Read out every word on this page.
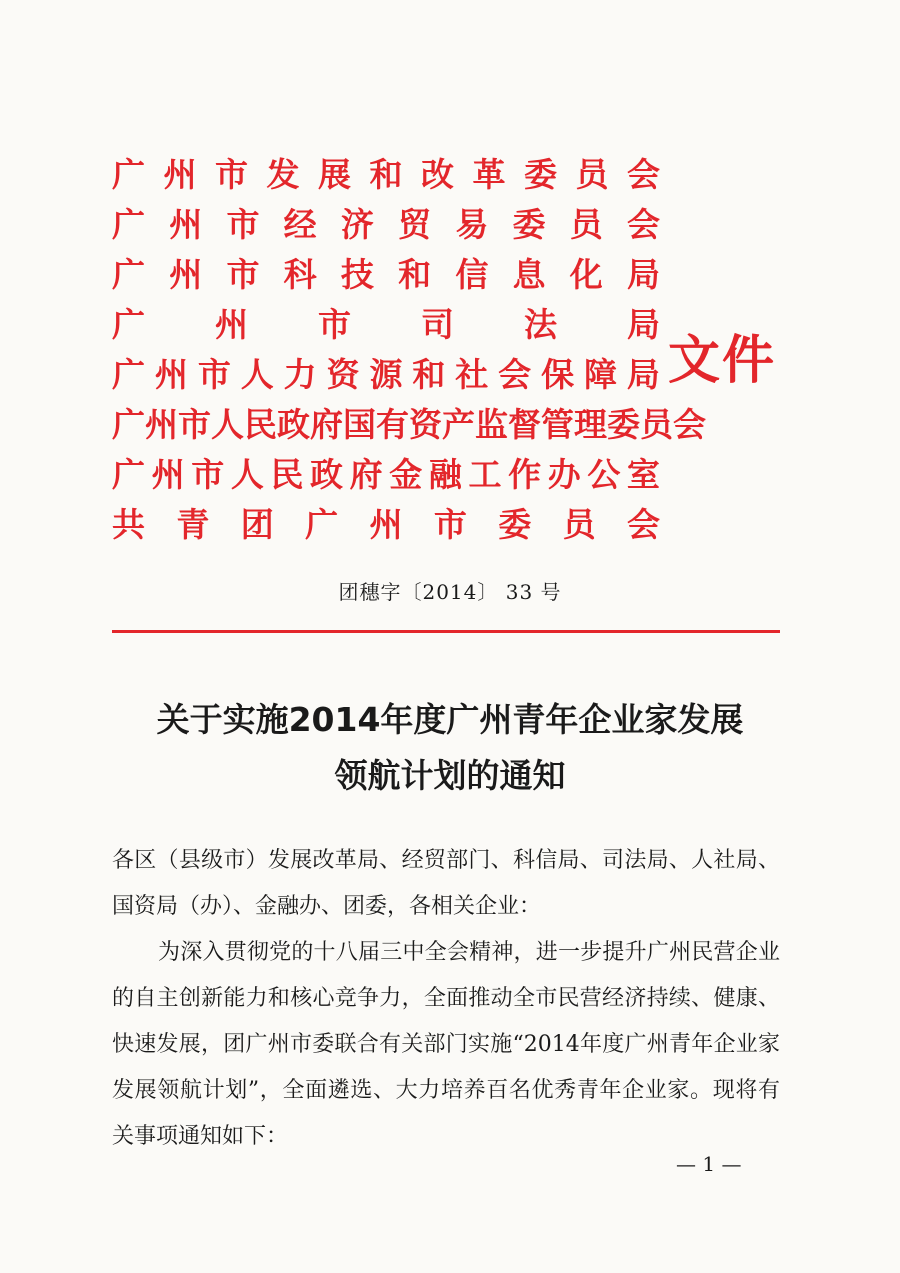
广 州 市 发 展 和 改 革 委 员 会
广 州 市 经 济 贸 易 委 员 会
广 州 市 科 技 和 信 息 化 局
广 州 市 司 法 局
广 州 市 人 力 资 源 和 社 会 保 障 局
广 州 市 人 民 政 府 国 有 资 产 监 督 管 理 委 员 会
广 州 市 人 民 政 府 金 融 工 作 办 公 室
共 青 团 广 州 市 委 员 会
文件
团穗字〔2014〕 33 号
关于实施2014年度广州青年企业家发展
领航计划的通知

各区（县级市）发展改革局、经贸部门、科信局、司法局、人社局、国资局（办）、金融办、团委，各相关企业：

为深入贯彻党的十八届三中全会精神，进一步提升广州民营企业的自主创新能力和核心竞争力，全面推动全市民营经济持续、健康、快速发展，团广州市委联合有关部门实施“2014年度广州青年企业家发展领航计划”，全面遴选、大力培养百名优秀青年企业家。现将有关事项通知如下：

— 1 —
